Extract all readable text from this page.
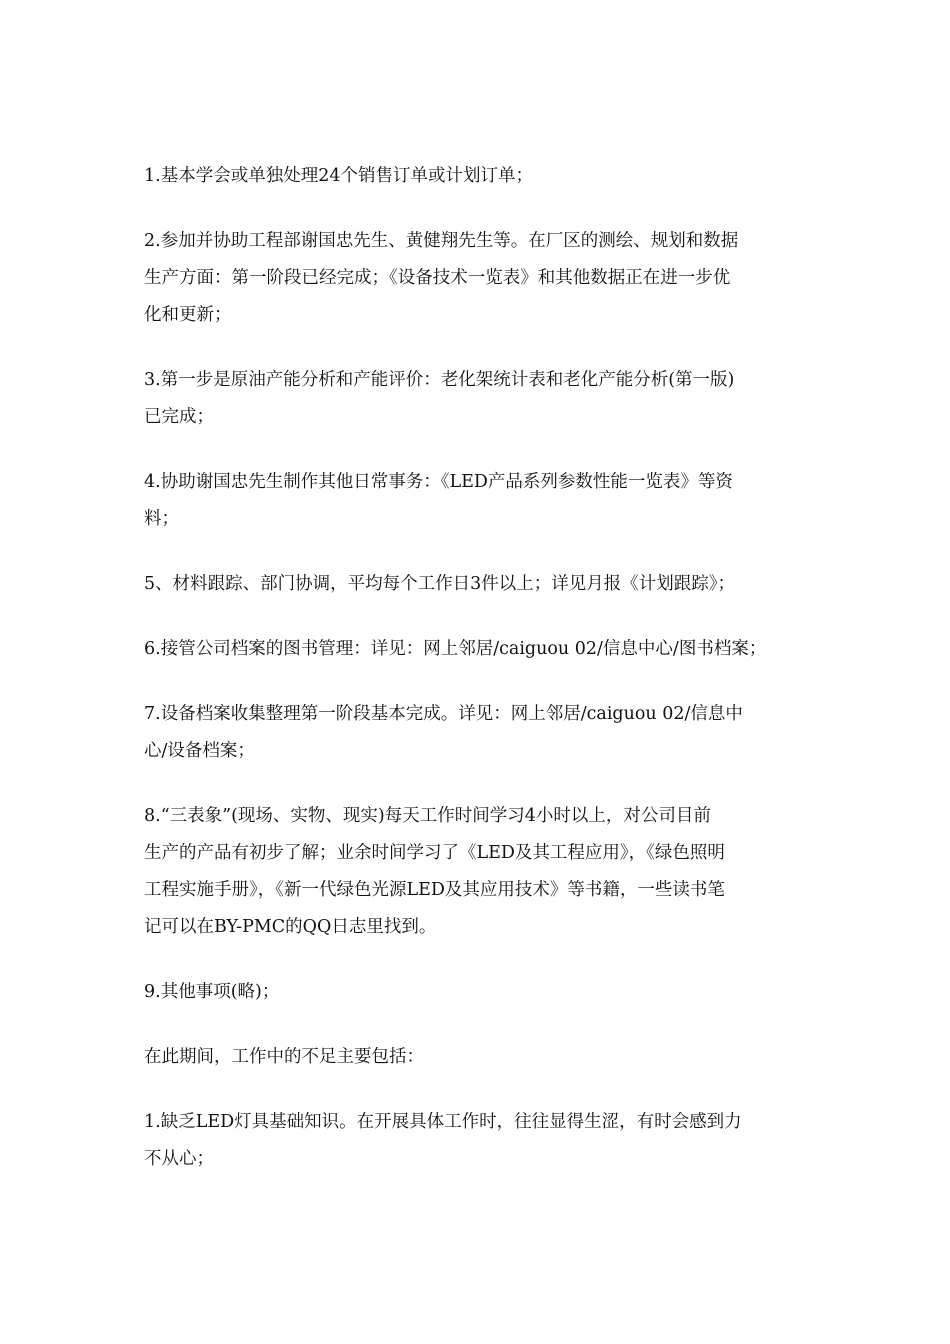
1.基本学会或单独处理24个销售订单或计划订单；

2.参加并协助工程部谢国忠先生、黄健翔先生等。在厂区的测绘、规划和数据
生产方面：第一阶段已经完成；《设备技术一览表》和其他数据正在进一步优
化和更新；

3.第一步是原油产能分析和产能评价：老化架统计表和老化产能分析(第一版)
已完成；

4.协助谢国忠先生制作其他日常事务：《LED产品系列参数性能一览表》等资
料；

5、材料跟踪、部门协调，平均每个工作日3件以上；详见月报《计划跟踪》；

6.接管公司档案的图书管理：详见：网上邻居/caiguou 02/信息中心/图书档案；

7.设备档案收集整理第一阶段基本完成。详见：网上邻居/caiguou 02/信息中
心/设备档案；

8.“三表象”(现场、实物、现实)每天工作时间学习4小时以上，对公司目前
生产的产品有初步了解；业余时间学习了《LED及其工程应用》，《绿色照明
工程实施手册》，《新一代绿色光源LED及其应用技术》等书籍，一些读书笔
记可以在BY-PMC的QQ日志里找到。

9.其他事项(略)；

在此期间，工作中的不足主要包括：

1.缺乏LED灯具基础知识。在开展具体工作时，往往显得生涩，有时会感到力
不从心；
